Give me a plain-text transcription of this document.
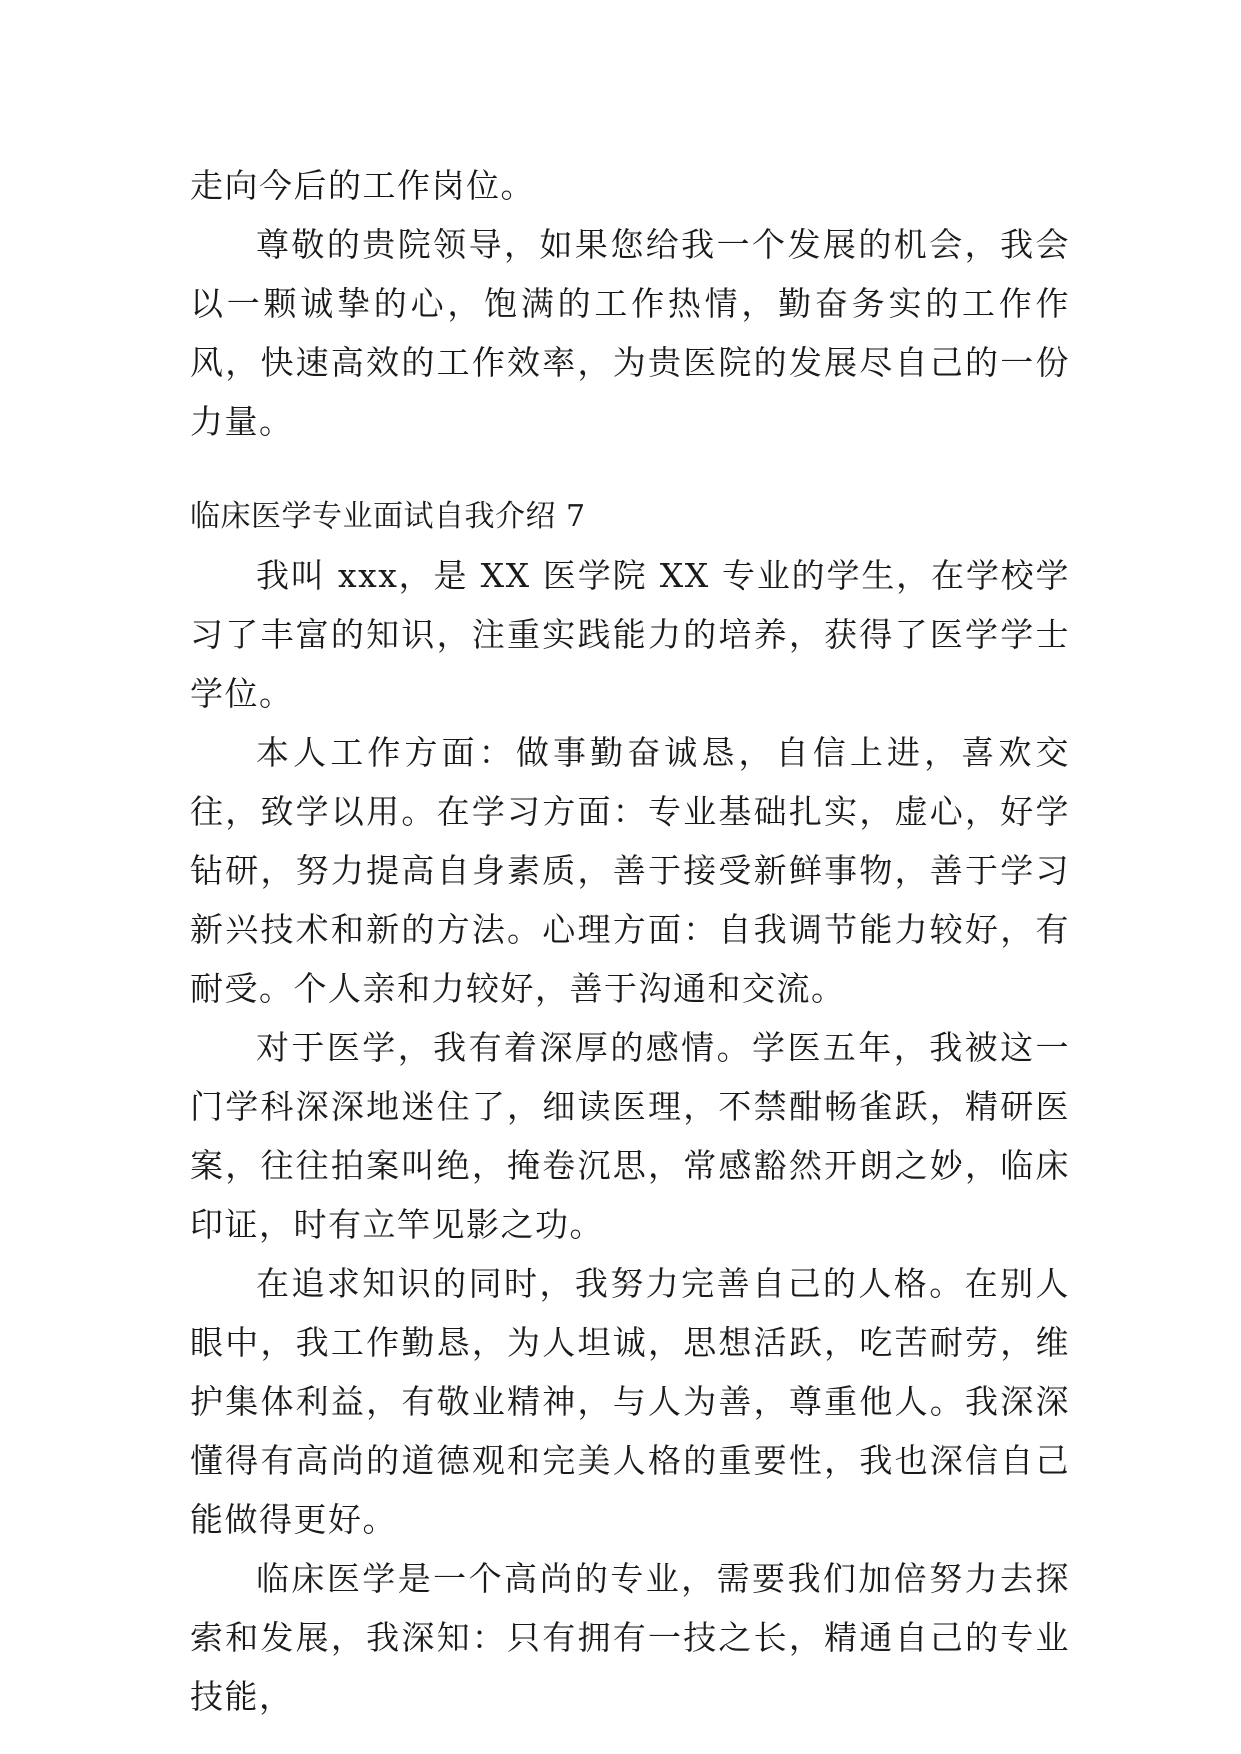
走向今后的工作岗位。

尊敬的贵院领导，如果您给我一个发展的机会，我会以一颗诚挚的心，饱满的工作热情，勤奋务实的工作作风，快速高效的工作效率，为贵医院的发展尽自己的一份力量。

临床医学专业面试自我介绍 7

我叫 xxx，是 XX 医学院 XX 专业的学生，在学校学习了丰富的知识，注重实践能力的培养，获得了医学学士学位。

本人工作方面：做事勤奋诚恳，自信上进，喜欢交往，致学以用。在学习方面：专业基础扎实，虚心，好学钻研，努力提高自身素质，善于接受新鲜事物，善于学习新兴技术和新的方法。心理方面：自我调节能力较好，有耐受。个人亲和力较好，善于沟通和交流。

对于医学，我有着深厚的感情。学医五年，我被这一门学科深深地迷住了，细读医理，不禁酣畅雀跃，精研医案，往往拍案叫绝，掩卷沉思，常感豁然开朗之妙，临床印证，时有立竿见影之功。

在追求知识的同时，我努力完善自己的人格。在别人眼中，我工作勤恳，为人坦诚，思想活跃，吃苦耐劳，维护集体利益，有敬业精神，与人为善，尊重他人。我深深懂得有高尚的道德观和完美人格的重要性，我也深信自己能做得更好。

临床医学是一个高尚的专业，需要我们加倍努力去探索和发展，我深知：只有拥有一技之长，精通自己的专业技能，
